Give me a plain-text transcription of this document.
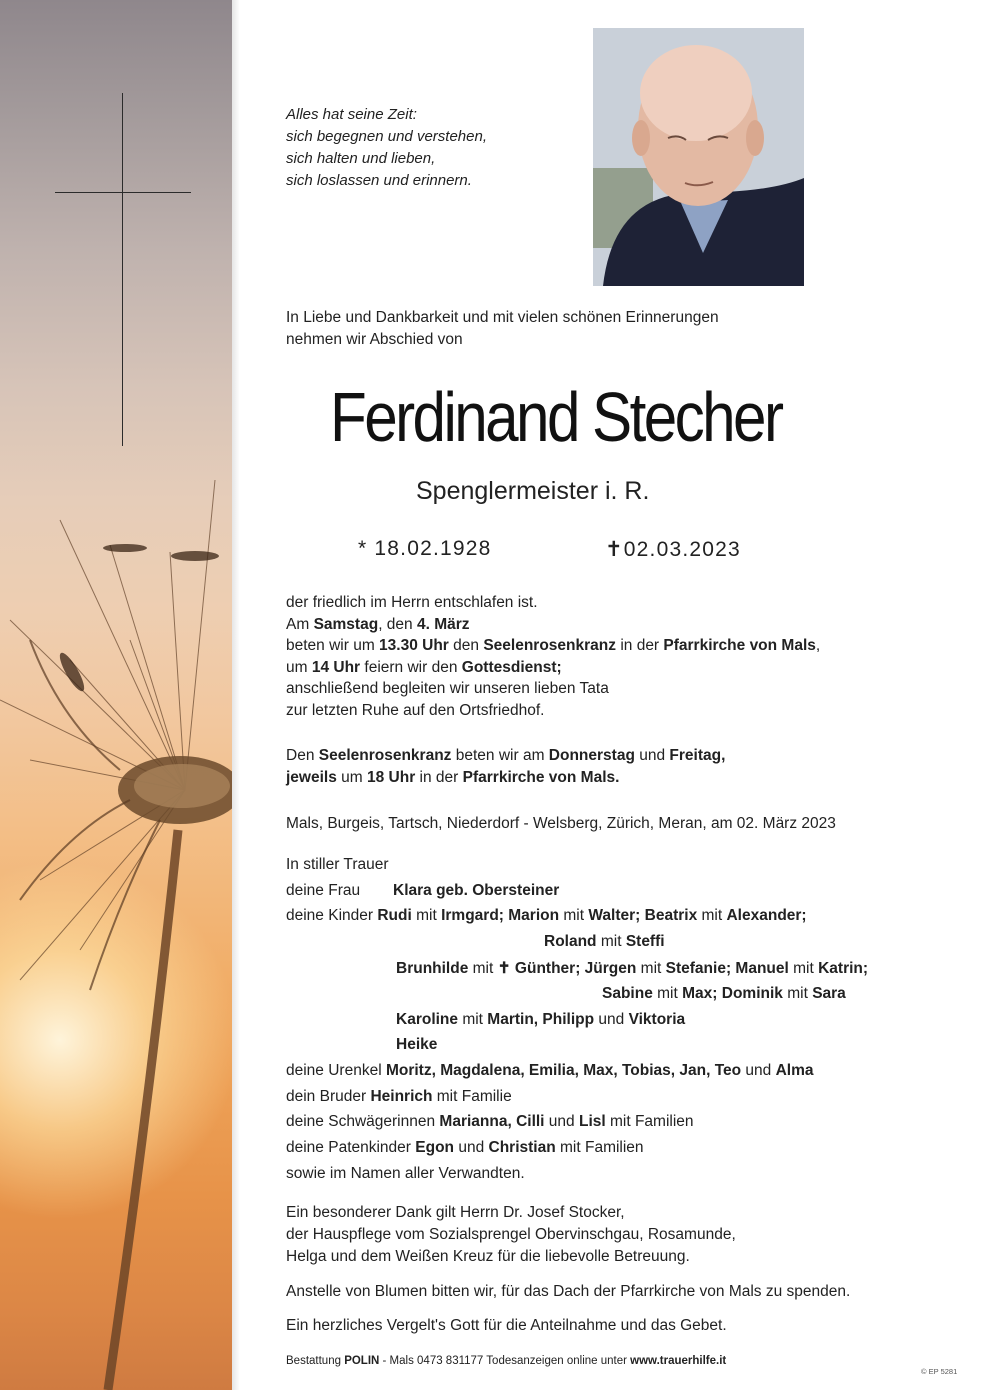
Alles hat seine Zeit:
sich begegnen und verstehen,
sich halten und lieben,
sich loslassen und erinnern.
In Liebe und Dankbarkeit und mit vielen schönen Erinnerungen
nehmen wir Abschied von
Ferdinand Stecher
Spenglermeister i. R.
* 18.02.1928	✝02.03.2023
der friedlich im Herrn entschlafen ist.
Am Samstag, den 4. März
beten wir um 13.30 Uhr den Seelenrosenkranz in der Pfarrkirche von Mals,
um 14 Uhr feiern wir den Gottesdienst;
anschließend begleiten wir unseren lieben Tata
zur letzten Ruhe auf den Ortsfriedhof.
Den Seelenrosenkranz beten wir am Donnerstag und Freitag,
jeweils um 18 Uhr in der Pfarrkirche von Mals.
Mals, Burgeis, Tartsch, Niederdorf - Welsberg, Zürich, Meran, am 02. März 2023
In stiller Trauer
deine Frau Klara geb. Obersteiner
deine Kinder Rudi mit Irmgard; Marion mit Walter; Beatrix mit Alexander;
Roland mit Steffi
Brunhilde mit ✝ Günther; Jürgen mit Stefanie; Manuel mit Katrin;
Sabine mit Max; Dominik mit Sara
Karoline mit Martin, Philipp und Viktoria
Heike
deine Urenkel Moritz, Magdalena, Emilia, Max, Tobias, Jan, Teo und Alma
dein Bruder Heinrich mit Familie
deine Schwägerinnen Marianna, Cilli und Lisl mit Familien
deine Patenkinder Egon und Christian mit Familien
sowie im Namen aller Verwandten.
Ein besonderer Dank gilt Herrn Dr. Josef Stocker,
der Hauspflege vom Sozialsprengel Obervinschgau, Rosamunde,
Helga und dem Weißen Kreuz für die liebevolle Betreuung.
Anstelle von Blumen bitten wir, für das Dach der Pfarrkirche von Mals zu spenden.
Ein herzliches Vergelt's Gott für die Anteilnahme und das Gebet.
Bestattung POLIN - Mals 0473 831177 Todesanzeigen online unter www.trauerhilfe.it
© EP 5281
